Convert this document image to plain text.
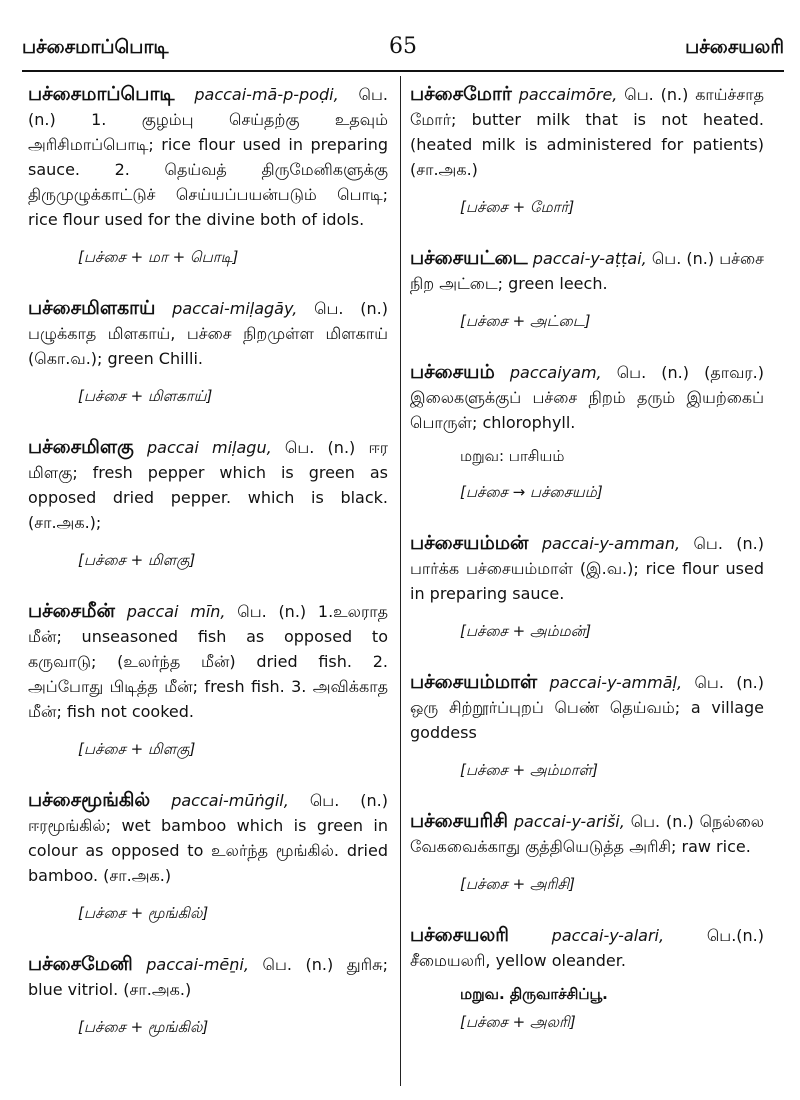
பச்சைமாப்பொடி	65	பச்சையலரி

பச்சைமாப்பொடி paccai-mā-p-poḍi, பெ. (n.) 1. குழம்பு செய்தற்கு உதவும் அரிசிமாப்பொடி; rice flour used in preparing sauce. 2. தெய்வத் திருமேனிகளுக்கு திருமுழுக்காட்டுச் செய்யப்பயன்படும் பொடி; rice flour used for the divine both of idols.

[பச்சை + மா + பொடி]

பச்சைமிளகாய் paccai-miḷagāy, பெ. (n.) பழுக்காத மிளகாய், பச்சை நிறமுள்ள மிளகாய் (கொ.வ.); green Chilli.

[பச்சை + மிளகாய்]

பச்சைமிளகு paccai miḷagu, பெ. (n.) ஈர மிளகு; fresh pepper which is green as opposed dried pepper. which is black. (சா.அக.);

[பச்சை + மிளகு]

பச்சைமீன் paccai mīn, பெ. (n.) 1.உலராத மீன்; unseasoned fish as opposed to கருவாடு; (உலர்ந்த மீன்) dried fish. 2. அப்போது பிடித்த மீன்; fresh fish. 3. அவிக்காத மீன்; fish not cooked.

[பச்சை + மிளகு]

பச்சைமூங்கில் paccai-mūṅgil, பெ. (n.) ஈரமூங்கில்; wet bamboo which is green in colour as opposed to உலர்ந்த மூங்கில். dried bamboo. (சா.அக.)

[பச்சை + மூங்கில்]

பச்சைமேனி paccai-mēṉi, பெ. (n.) துரிசு; blue vitriol. (சா.அக.)

[பச்சை + மூங்கில்]

பச்சைமோர் paccaimōre, பெ. (n.) காய்ச்சாத மோர்; butter milk that is not heated. (heated milk is administered for patients) (சா.அக.)

[பச்சை + மோர்]

பச்சையட்டை paccai-y-aṭṭai, பெ. (n.) பச்சை நிற அட்டை; green leech.

[பச்சை + அட்டை]

பச்சையம் paccaiyam, பெ. (n.) (தாவர.) இலைகளுக்குப் பச்சை நிறம் தரும் இயற்கைப் பொருள்; chlorophyll.

மறுவ: பாசியம்
[பச்சை → பச்சையம்]

பச்சையம்மன் paccai-y-amman, பெ. (n.) பார்க்க பச்சையம்மாள் (இ.வ.); rice flour used in preparing sauce.

[பச்சை + அம்மன்]

பச்சையம்மாள் paccai-y-ammāḷ, பெ. (n.) ஒரு சிற்றூர்ப்புறப் பெண் தெய்வம்; a village goddess

[பச்சை + அம்மாள்]

பச்சையரிசி paccai-y-ariši, பெ. (n.) நெல்லை வேகவைக்காது குத்தியெடுத்த அரிசி; raw rice.

[பச்சை + அரிசி]

பச்சையலரி	paccai-y-alari,	பெ.(n.) சீமையலரி, yellow oleander.

மறுவ. திருவாச்சிப்பூ.
[பச்சை + அலரி]
